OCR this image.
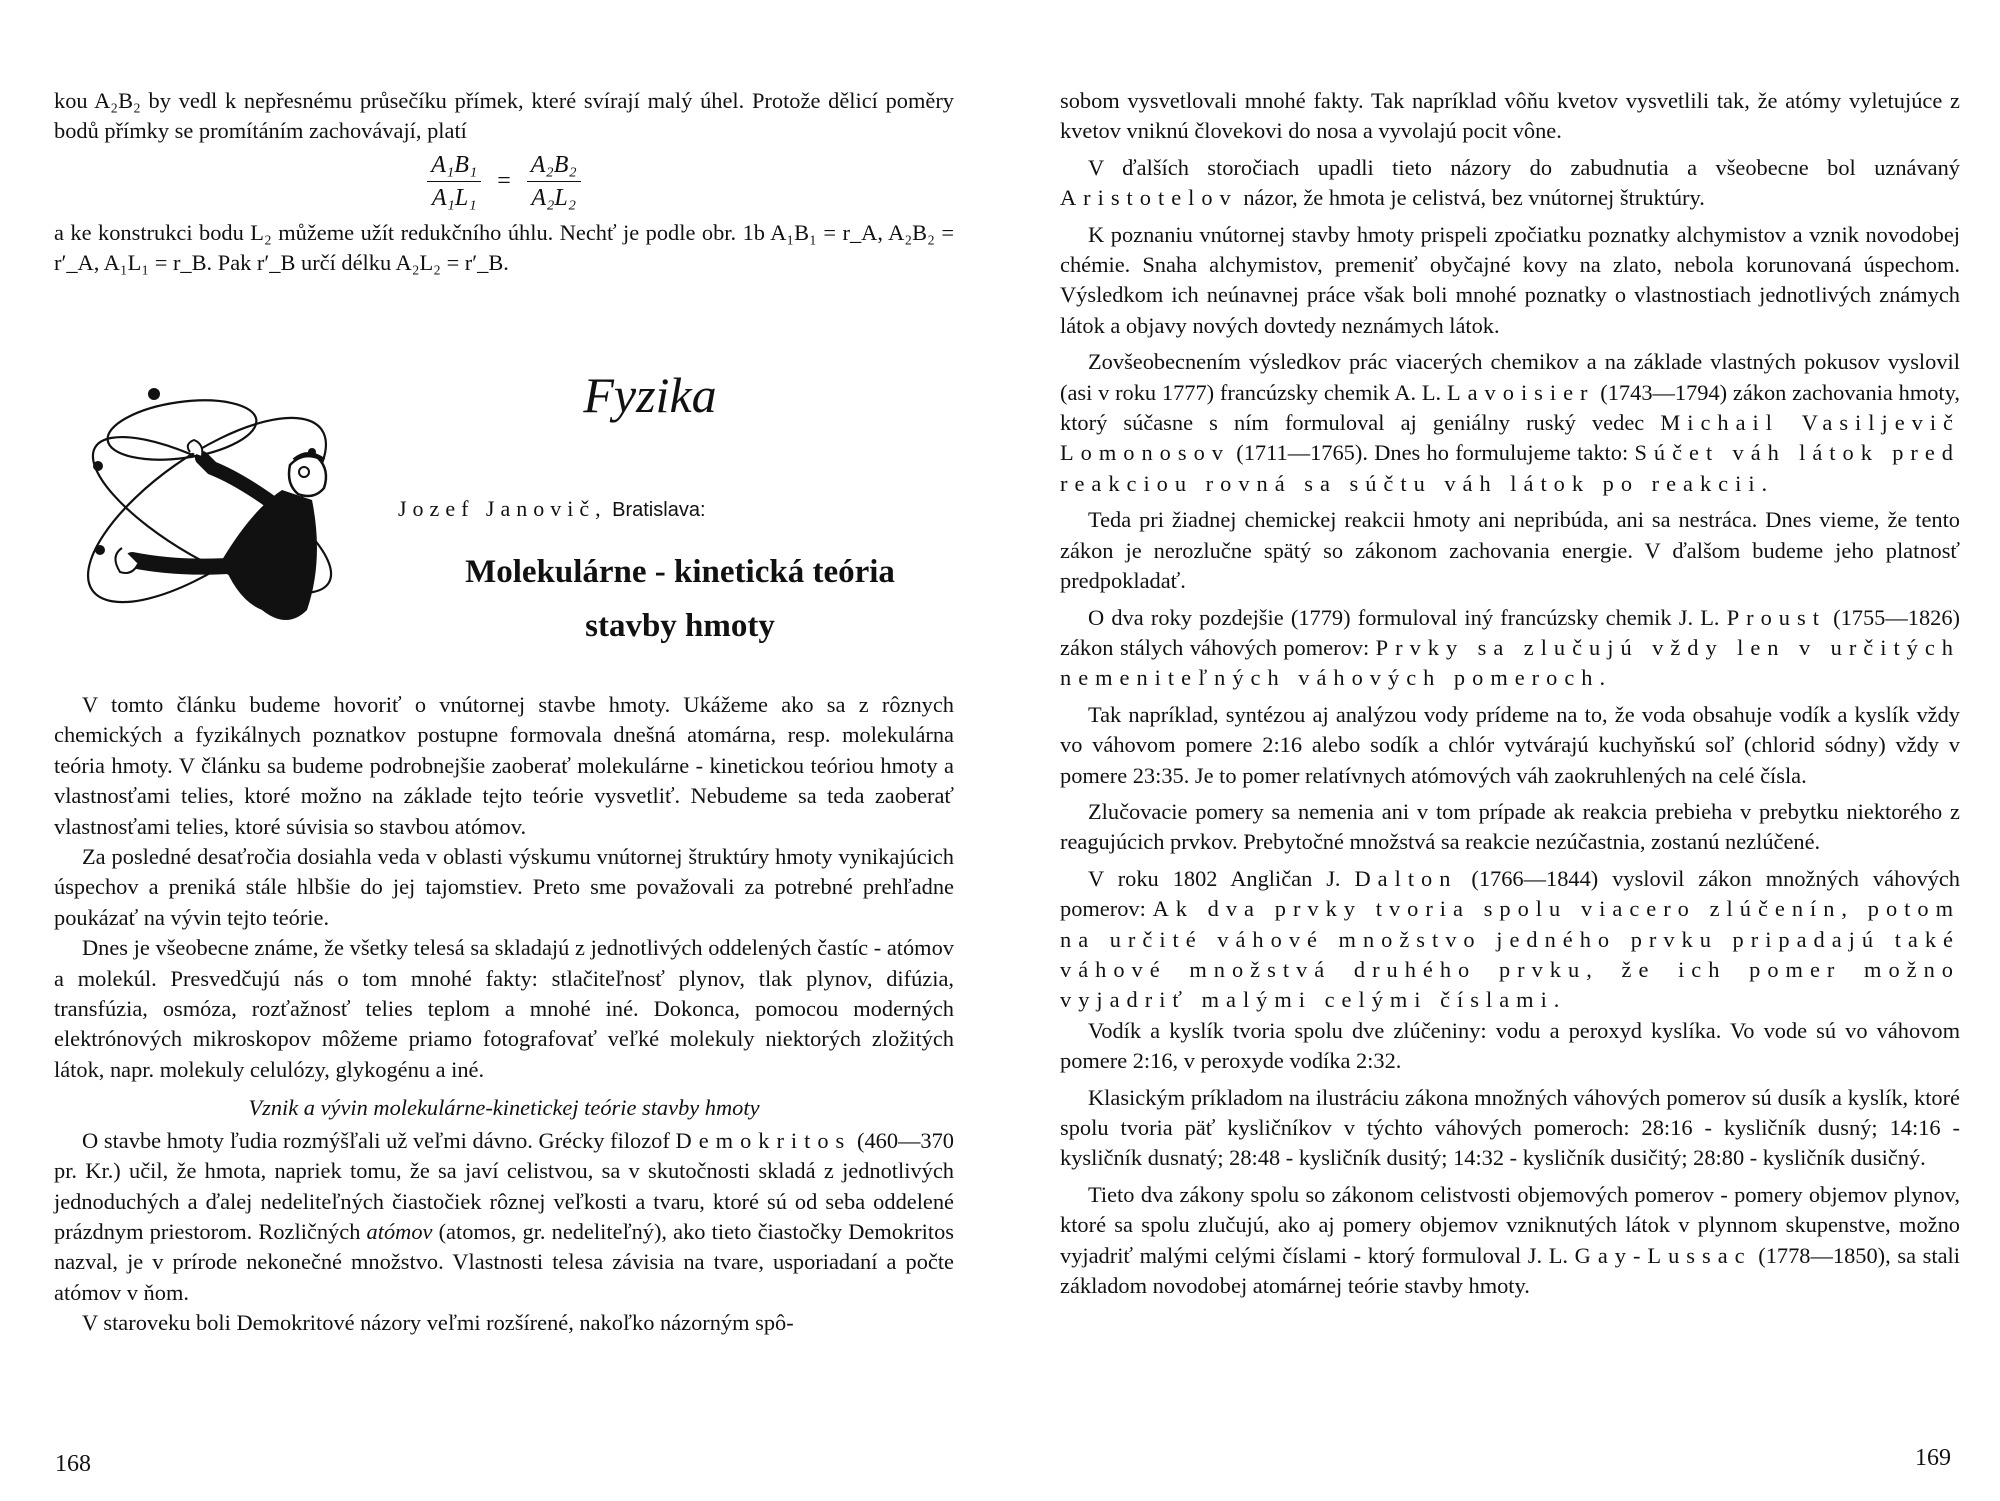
kou A₂B₂ by vedl k nepřesnému průsečíku přímek, které svírají malý úhel. Protože dělicí poměry bodů přímky se promítáním zachovávají, platí

$\frac{\text{A₁B₁}}{\text{A₁L₁}} = \frac{\text{A₂B₂}}{\text{A₂L₂}}$

a ke konstrukci bodu L₂ můžeme užít redukčního úhlu. Nechť je podle obr. 1b A₁B₁ = r_A, A₂B₂ = r′_A, A₁L₁ = r_B. Pak r′_B určí délku A₂L₂ = r′_B.

Fyzika
Jozef Janovič, Bratislava:
Molekulárne - kinetická teória
stavby hmoty

V tomto článku budeme hovoriť o vnútornej stavbe hmoty. Ukážeme ako sa z rôznych chemických a fyzikálnych poznatkov postupne formovala dnešná atomárna, resp. molekulárna teória hmoty. V článku sa budeme podrobnejšie zaoberať molekulárne - kinetickou teóriou hmoty a vlastnosťami telies, ktoré možno na základe tejto teórie vysvetliť. Nebudeme sa teda zaoberať vlastnosťami telies, ktoré súvisia so stavbou atómov.

Za posledné desaťročia dosiahla veda v oblasti výskumu vnútornej štruktúry hmoty vynikajúcich úspechov a preniká stále hlbšie do jej tajomstiev. Preto sme považovali za potrebné prehľadne poukázať na vývin tejto teórie.

Dnes je všeobecne známe, že všetky telesá sa skladajú z jednotlivých oddelených častíc - atómov a molekúl. Presvedčujú nás o tom mnohé fakty: stlačiteľnosť plynov, tlak plynov, difúzia, transfúzia, osmóza, rozťažnosť telies teplom a mnohé iné. Dokonca, pomocou moderných elektrónových mikroskopov môžeme priamo fotografovať veľké molekuly niektorých zložitých látok, napr. molekuly celulózy, glykogénu a iné.

Vznik a vývin molekulárne-kinetickej teórie stavby hmoty

O stavbe hmoty ľudia rozmýšľali už veľmi dávno. Grécky filozof Demokritos (460—370 pr. Kr.) učil, že hmota, napriek tomu, že sa javí celistvou, sa v skutočnosti skladá z jednotlivých jednoduchých a ďalej nedeliteľných čiastočiek rôznej veľkosti a tvaru, ktoré sú od seba oddelené prázdnym priestorom. Rozličných atómov (atomos, gr. nedeliteľný), ako tieto čiastočky Demokritos nazval, je v prírode nekonečné množstvo. Vlastnosti telesa závisia na tvare, usporiadaní a počte atómov v ňom.

V staroveku boli Demokritové názory veľmi rozšírené, nakoľko názorným spô-

168

sobom vysvetlovali mnohé fakty. Tak napríklad vôňu kvetov vysvetlili tak, že atómy vyletujúce z kvetov vniknú človekovi do nosa a vyvolajú pocit vône.

V ďalších storočiach upadli tieto názory do zabudnutia a všeobecne bol uznávaný Aristotelov názor, že hmota je celistvá, bez vnútornej štruktúry.

K poznaniu vnútornej stavby hmoty prispeli zpočiatku poznatky alchymistov a vznik novodobej chémie. Snaha alchymistov, premeniť obyčajné kovy na zlato, nebola korunovaná úspechom. Výsledkom ich neúnavnej práce však boli mnohé poznatky o vlastnostiach jednotlivých známych látok a objavy nových dovtedy neznámych látok.

Zovšeobecnením výsledkov prác viacerých chemikov a na základe vlastných pokusov vyslovil (asi v roku 1777) francúzsky chemik A. L. Lavoisier (1743—1794) zákon zachovania hmoty, ktorý súčasne s ním formuloval aj geniálny ruský vedec Michail Vasiljevič Lomonosov (1711—1765). Dnes ho formulujeme takto: Súčet váh látok pred reakciou rovná sa súčtu váh látok po reakcii.

Teda pri žiadnej chemickej reakcii hmoty ani nepribúda, ani sa nestráca. Dnes vieme, že tento zákon je nerozlučne spätý so zákonom zachovania energie. V ďalšom budeme jeho platnosť predpokladať.

O dva roky pozdejšie (1779) formuloval iný francúzsky chemik J. L. Proust (1755—1826) zákon stálych váhových pomerov: Prvky sa zlučujú vždy len v určitých nemeniteľných váhových pomeroch.

Tak napríklad, syntézou aj analýzou vody prídeme na to, že voda obsahuje vodík a kyslík vždy vo váhovom pomere 2:16 alebo sodík a chlór vytvárajú kuchyňskú soľ (chlorid sódny) vždy v pomere 23:35. Je to pomer relatívnych atómových váh zaokruhlených na celé čísla.

Zlučovacie pomery sa nemenia ani v tom prípade ak reakcia prebieha v prebytku niektorého z reagujúcich prvkov. Prebytočné množstvá sa reakcie nezúčastnia, zostanú nezlúčené.

V roku 1802 Angličan J. Dalton (1766—1844) vyslovil zákon množných váhových pomerov: Ak dva prvky tvoria spolu viacero zlúčenín, potom na určité váhové množstvo jedného prvku pripadajú také váhové množstvá druhého prvku, že ich pomer možno vyjadriť malými celými číslami.

Vodík a kyslík tvoria spolu dve zlúčeniny: vodu a peroxyd kyslíka. Vo vode sú vo váhovom pomere 2:16, v peroxyde vodíka 2:32.

Klasickým príkladom na ilustráciu zákona množných váhových pomerov sú dusík a kyslík, ktoré spolu tvoria päť kysličníkov v týchto váhových pomeroch: 28:16 - kysličník dusný; 14:16 - kysličník dusnatý; 28:48 - kysličník dusitý; 14:32 - kysličník dusičitý; 28:80 - kysličník dusičný.

Tieto dva zákony spolu so zákonom celistvosti objemových pomerov - pomery objemov plynov, ktoré sa spolu zlučujú, ako aj pomery objemov vzniknutých látok v plynnom skupenstve, možno vyjadriť malými celými číslami - ktorý formuloval J. L. Gay-Lussac (1778—1850), sa stali základom novodobej atomárnej teórie stavby hmoty.

169
